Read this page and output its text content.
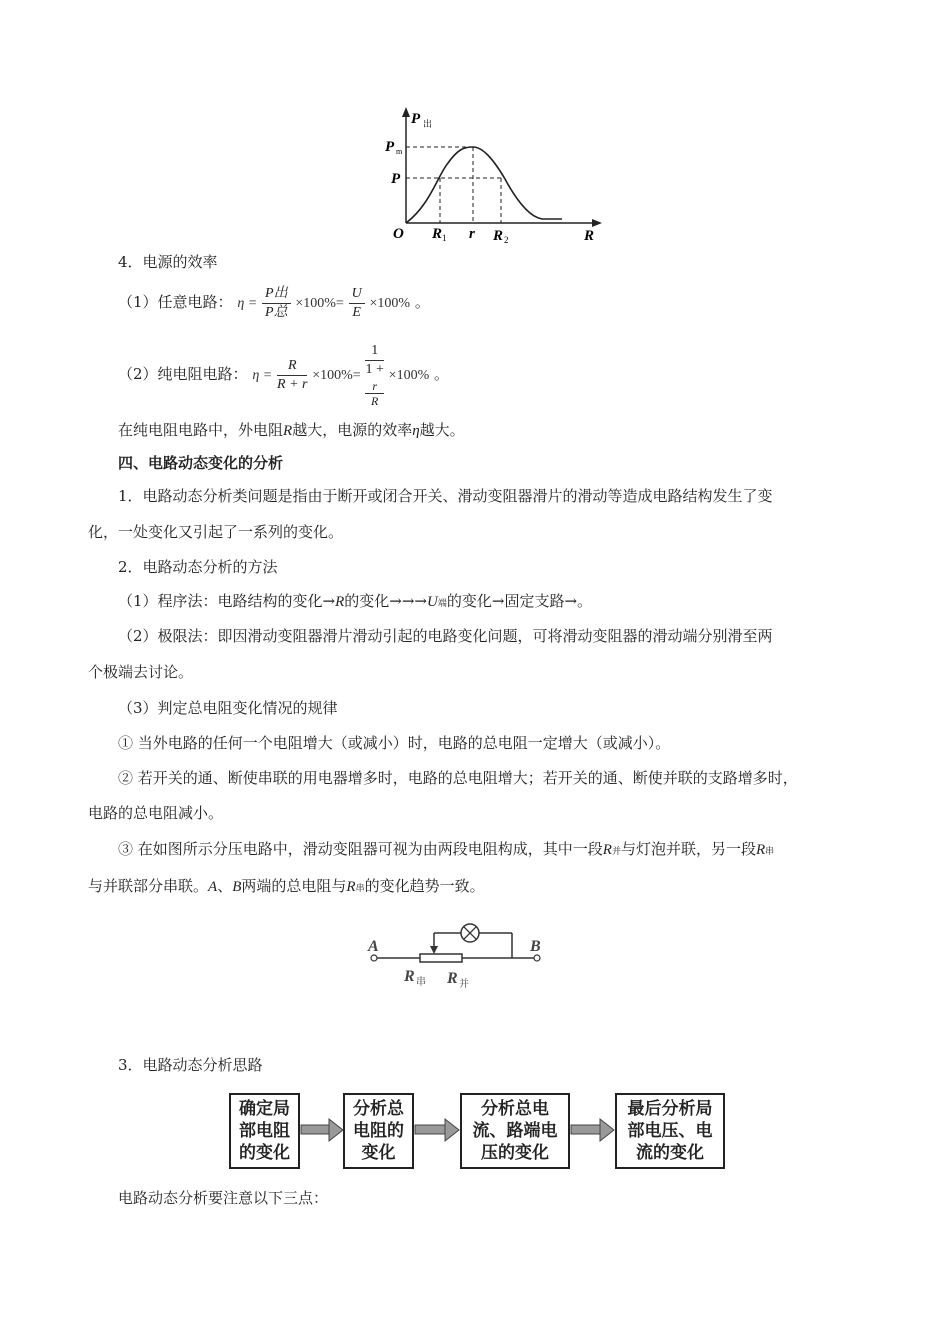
P 出
P m
P
O R 1 r R 2	R
4．电源的效率
（1）任意电路： $\eta = \frac{\text{P出}}{\text{P总}} \times 100\%= \frac{U}{E} \times 100\%$ 。
（2）纯电阻电路： $\eta = \frac{R}{R + r} \times 100\%= 1$
1 +
r
R ×100% 。
在纯电阻电路中，外电阻R越大，电源的效率η越大。
四、电路动态变化的分析
1．电路动态分析类问题是指由于断开或闭合开关、滑动变阻器滑片的滑动等造成电路结构发生了变
化，一处变化又引起了一系列的变化。
2．电路动态分析的方法
（1）程序法：电路结构的变化→R的变化→→→U端的变化→固定支路→。
（2）极限法：即因滑动变阻器滑片滑动引起的电路变化问题，可将滑动变阻器的滑动端分别滑至两
个极端去讨论。
（3）判定总电阻变化情况的规律
① 当外电路的任何一个电阻增大（或减小）时，电路的总电阻一定增大（或减小）。
② 若开关的通、断使串联的用电器增多时，电路的总电阻增大；若开关的通、断使并联的支路增多时，
电路的总电阻减小。
③ 在如图所示分压电路中，滑动变阻器可视为由两段电阻构成，其中一段R并与灯泡并联，另一段R串
与并联部分串联。A、B两端的总电阻与R串的变化趋势一致。
A	B
R 串 R 并
3．电路动态分析思路
确定局部电阻的变化
分析总电阻的变化
分析总电流、路端电压的变化
最后分析局部电压、电流的变化
电路动态分析要注意以下三点：
